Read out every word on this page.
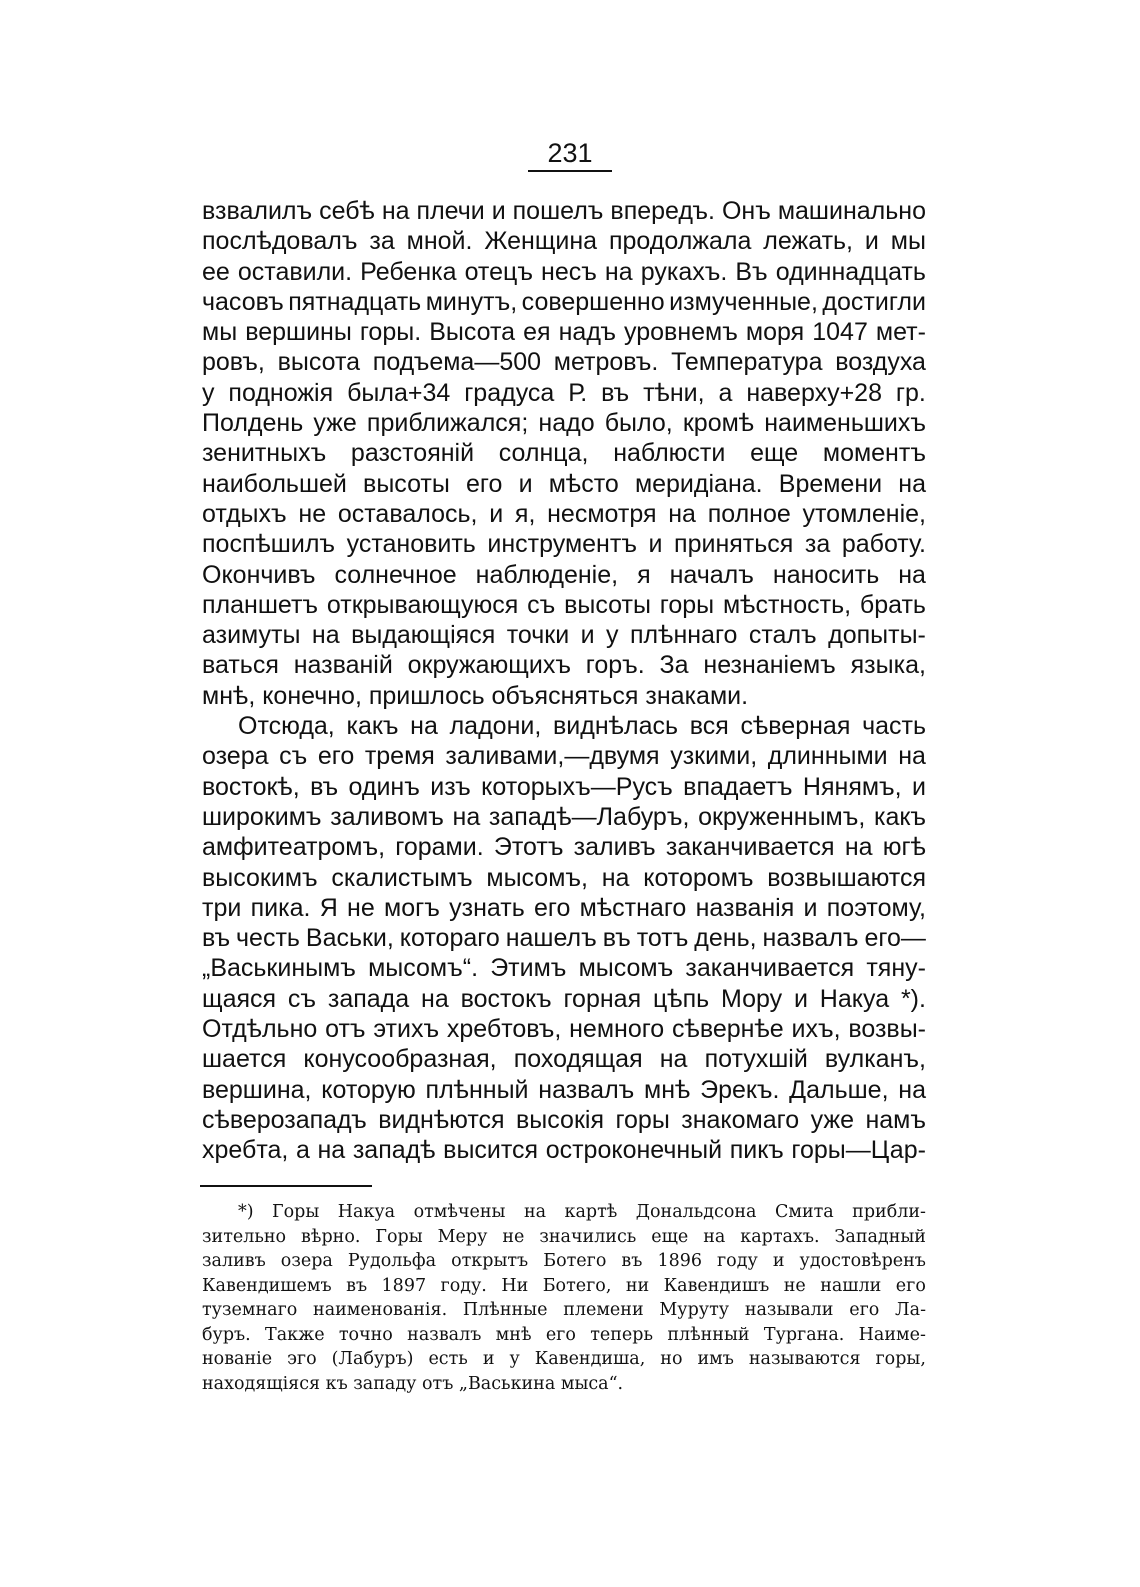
231
взвалилъ себѣ на плечи и пошелъ впередъ. Онъ машинально
послѣдовалъ за мной. Женщина продолжала лежать, и мы
ее оставили. Ребенка отецъ несъ на рукахъ. Въ одиннадцать
часовъ пятнадцать минутъ, совершенно измученные, достигли
мы вершины горы. Высота ея надъ уровнемъ моря 1047 мет-
ровъ, высота подъема—500 метровъ. Температура воздуха
у подножія была+34 градуса Р. въ тѣни, а наверху+28 гр.
Полдень уже приближался; надо было, кромѣ наименьшихъ
зенитныхъ разстояній солнца, наблюсти еще моментъ
наибольшей высоты его и мѣсто меридіана. Времени на
отдыхъ не оставалось, и я, несмотря на полное утомленіе,
поспѣшилъ установить инструментъ и приняться за работу.
Окончивъ солнечное наблюденіе, я началъ наносить на
планшетъ открывающуюся съ высоты горы мѣстность, брать
азимуты на выдающіяся точки и у плѣннаго сталъ допыты-
ваться названій окружающихъ горъ. За незнаніемъ языка,
мнѣ, конечно, пришлось объясняться знаками.
Отсюда, какъ на ладони, виднѣлась вся сѣверная часть
озера съ его тремя заливами,—двумя узкими, длинными на
востокѣ, въ одинъ изъ которыхъ—Русъ впадаетъ Нянямъ, и
широкимъ заливомъ на западѣ—Лабуръ, окруженнымъ, какъ
амфитеатромъ, горами. Этотъ заливъ заканчивается на югѣ
высокимъ скалистымъ мысомъ, на которомъ возвышаются
три пика. Я не могъ узнать его мѣстнаго названія и поэтому,
въ честь Васьки, котораго нашелъ въ тотъ день, назвалъ его—
„Васькинымъ мысомъ“. Этимъ мысомъ заканчивается тяну-
щаяся съ запада на востокъ горная цѣпь Мору и Накуа *).
Отдѣльно отъ этихъ хребтовъ, немного сѣвернѣе ихъ, возвы-
шается конусообразная, походящая на потухшій вулканъ,
вершина, которую плѣнный назвалъ мнѣ Эрекъ. Дальше, на
сѣверозападъ виднѣются высокія горы знакомаго уже намъ
хребта, а на западѣ высится остроконечный пикъ горы—Цар-
*) Горы Накуа отмѣчены на картѣ Дональдсона Смита прибли-
зительно вѣрно. Горы Меру не значились еще на картахъ. Западный
заливъ озера Рудольфа открытъ Ботего въ 1896 году и удостовѣренъ
Кавендишемъ въ 1897 году. Ни Ботего, ни Кавендишъ не нашли его
туземнаго наименованія. Плѣнные племени Муруту называли его Ла-
буръ. Также точно назвалъ мнѣ его теперь плѣнный Тургана. Наиме-
нованіе эго (Лабуръ) есть и у Кавендиша, но имъ называются горы,
находящіяся къ западу отъ „Васькина мыса“.
